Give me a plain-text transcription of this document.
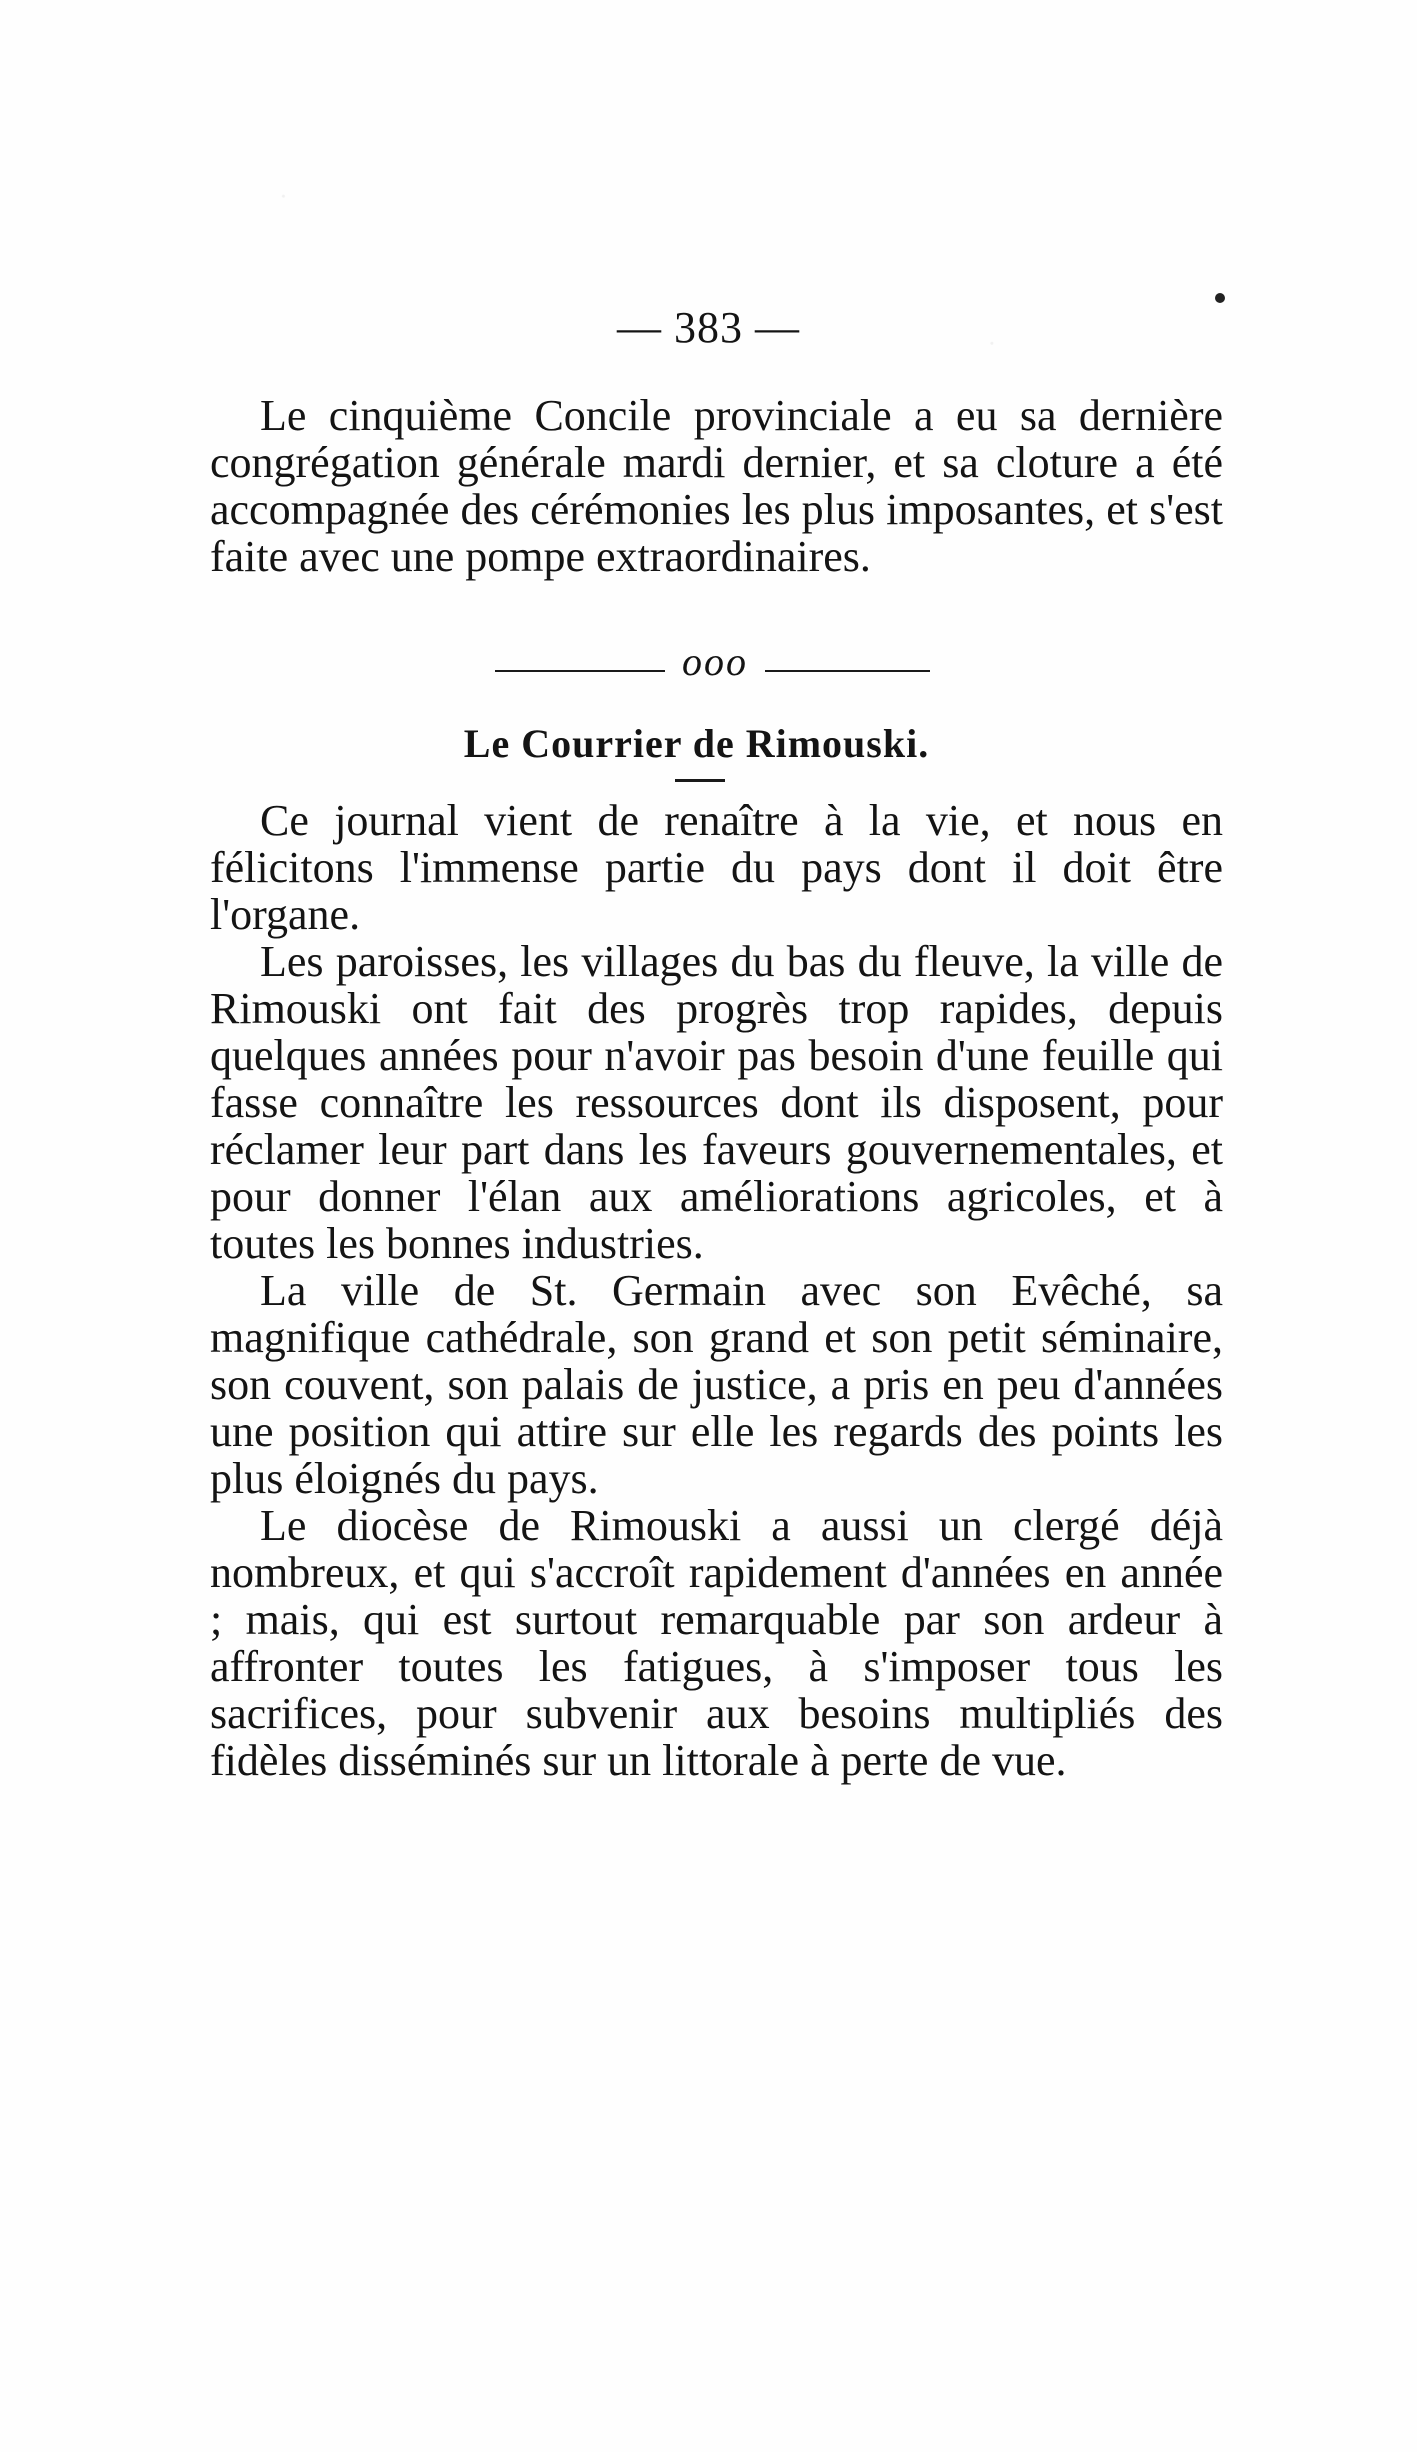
— 383 —

Le cinquième Concile provinciale a eu sa dernière congrégation générale mardi dernier, et sa cloture a été accompagnée des cérémonies les plus imposantes, et s'est faite avec une pompe extraordinaires.

ooo
Le Courrier de Rimouski.

Ce journal vient de renaître à la vie, et nous en félicitons l'immense partie du pays dont il doit être l'organe.

Les paroisses, les villages du bas du fleuve, la ville de Rimouski ont fait des progrès trop rapides, depuis quelques années pour n'avoir pas besoin d'une feuille qui fasse connaître les ressources dont ils disposent, pour réclamer leur part dans les faveurs gouvernementales, et pour donner l'élan aux améliorations agricoles, et à toutes les bonnes industries.

La ville de St. Germain avec son Evêché, sa magnifique cathédrale, son grand et son petit séminaire, son couvent, son palais de justice, a pris en peu d'années une position qui attire sur elle les regards des points les plus éloignés du pays.

Le diocèse de Rimouski a aussi un clergé déjà nombreux, et qui s'accroît rapidement d'années en année ; mais, qui est surtout remarquable par son ardeur à affronter toutes les fatigues, à s'imposer tous les sacrifices, pour subvenir aux besoins multipliés des fidèles disséminés sur un littorale à perte de vue.
